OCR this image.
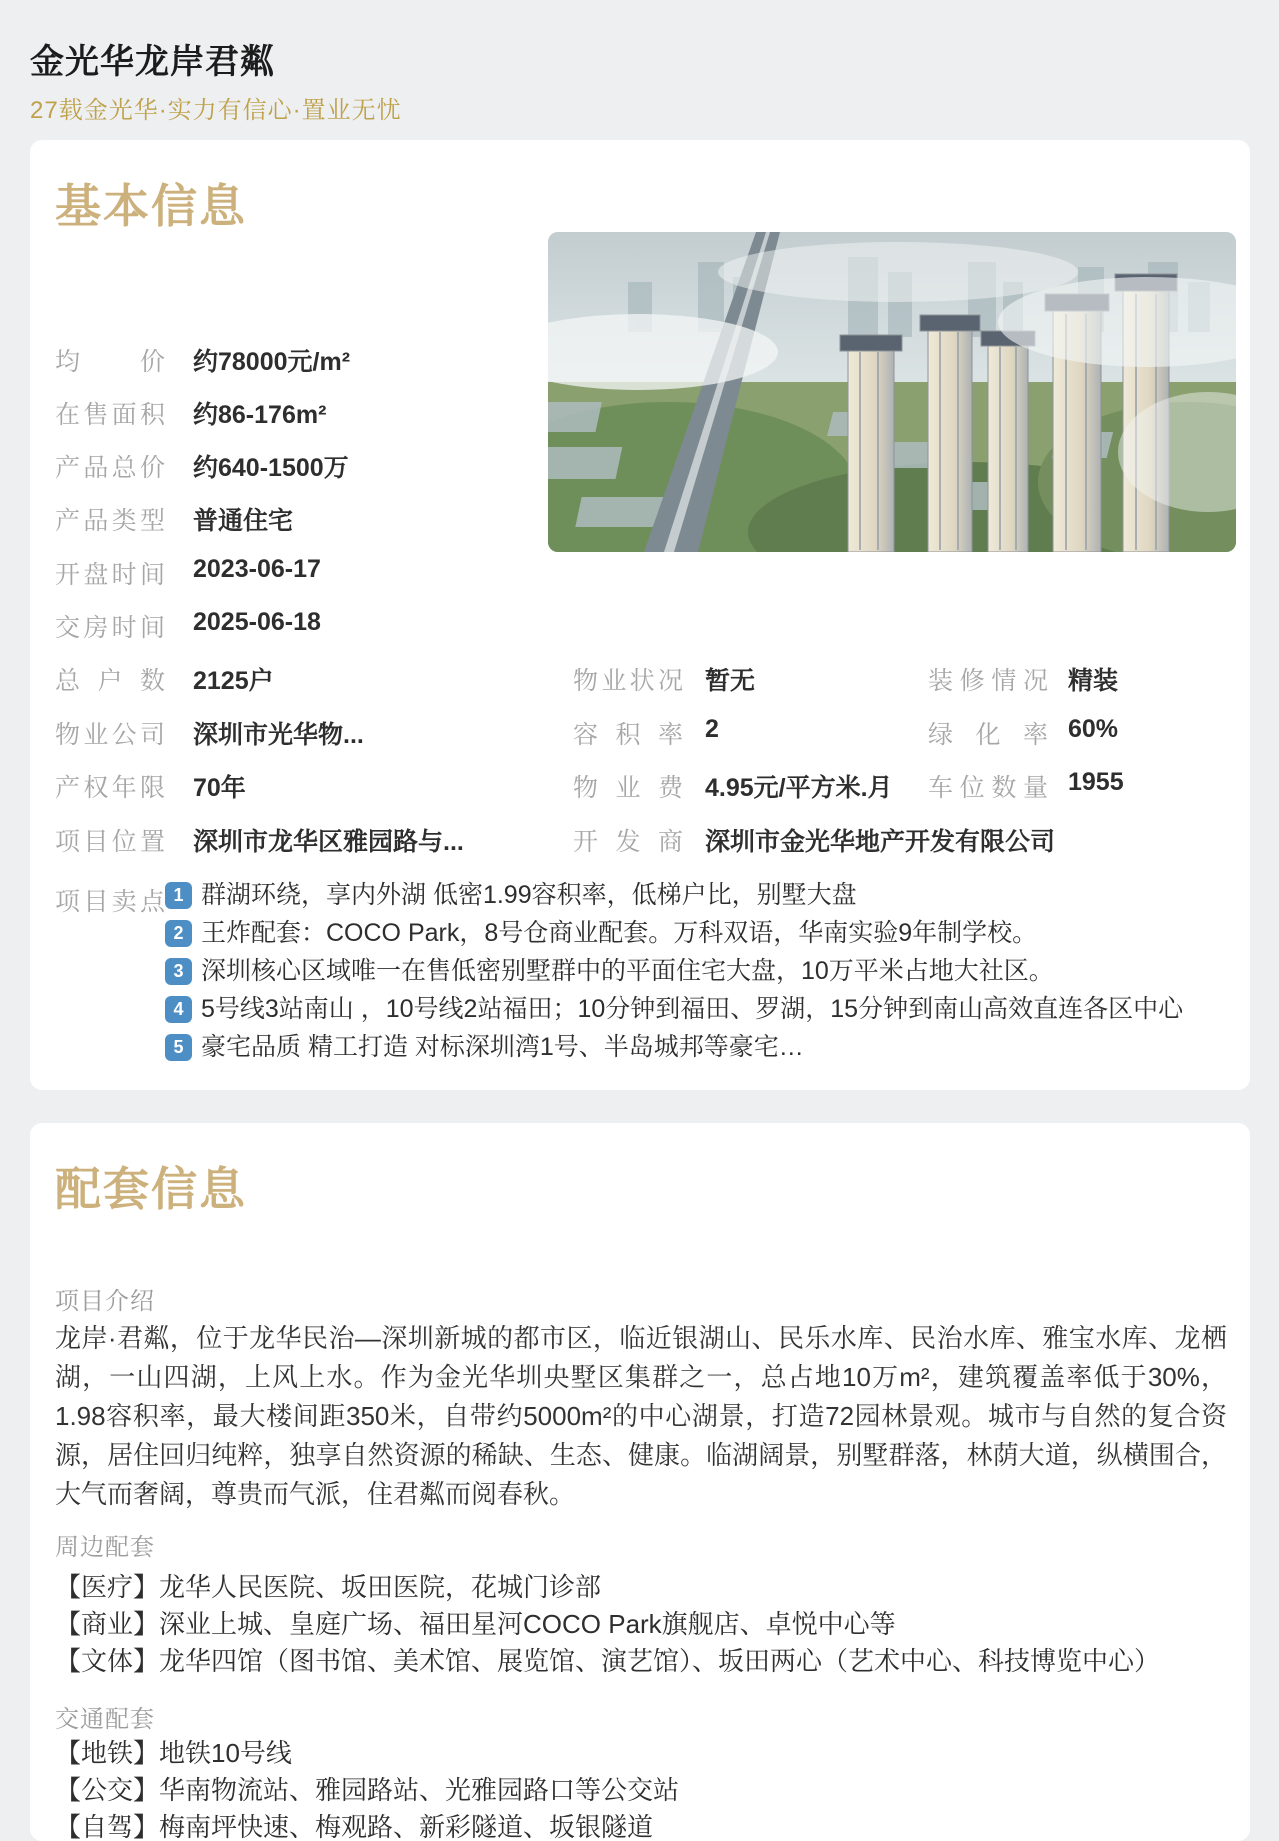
金光华龙岸君粼
27载金光华·实力有信心·置业无忧
基本信息
均价 约78000元/m²
在售面积 约86-176m²
产品总价 约640-1500万
产品类型 普通住宅
开盘时间 2023-06-17
交房时间 2025-06-18
总户数 2125户
物业公司 深圳市光华物...
产权年限 70年
项目位置 深圳市龙华区雅园路与...
物业状况 暂无
容积率 2
物业费 4.95元/平方米.月
开发商 深圳市金光华地产开发有限公司
装修情况 精装
绿化率 60%
车位数量 1955
项目卖点 1 群湖环绕，享内外湖 低密1.99容积率，低梯户比，别墅大盘
2 王炸配套：COCO Park，8号仓商业配套。万科双语，华南实验9年制学校。
3 深圳核心区域唯一在售低密别墅群中的平面住宅大盘，10万平米占地大社区。
4 5号线3站南山 ，10号线2站福田；10分钟到福田、罗湖，15分钟到南山高效直连各区中心
5 豪宅品质 精工打造 对标深圳湾1号、半岛城邦等豪宅…
配套信息
项目介绍
龙岸·君粼，位于龙华民治—深圳新城的都市区，临近银湖山、民乐水库、民治水库、雅宝水库、龙栖湖，一山四湖，上风上水。作为金光华圳央墅区集群之一，总占地10万m²，建筑覆盖率低于30%，1.98容积率，最大楼间距350米，自带约5000m²的中心湖景，打造72园林景观。城市与自然的复合资源，居住回归纯粹，独享自然资源的稀缺、生态、健康。临湖阔景，别墅群落，林荫大道，纵横围合，大气而奢阔，尊贵而气派，住君粼而阅春秋。
周边配套
【医疗】龙华人民医院、坂田医院，花城门诊部
【商业】深业上城、皇庭广场、福田星河COCO Park旗舰店、卓悦中心等
【文体】龙华四馆（图书馆、美术馆、展览馆、演艺馆）、坂田两心（艺术中心、科技博览中心）
交通配套
【地铁】地铁10号线
【公交】华南物流站、雅园路站、光雅园路口等公交站
【自驾】梅南坪快速、梅观路、新彩隧道、坂银隧道
